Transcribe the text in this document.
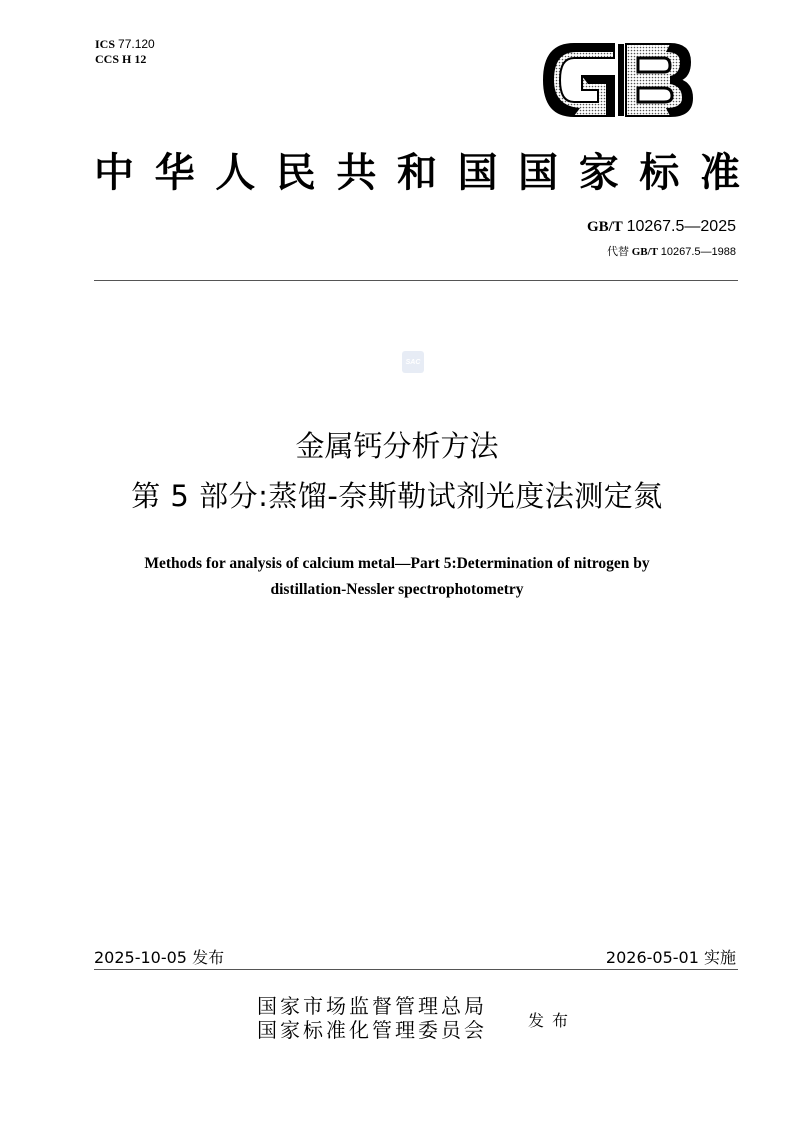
ICS 77.120
CCS H 12
中 华 人 民 共 和 国 国 家 标 准
GB/T 10267.5—2025
代替 GB/T 10267.5—1988
SAC
金属钙分析方法
第 5 部分:蒸馏-奈斯勒试剂光度法测定氮
Methods for analysis of calcium metal—Part 5:Determination of nitrogen by
distillation-Nessler spectrophotometry
2025-10-05 发布	2026-05-01 实施
国家市场监督管理总局
国家标准化管理委员会	发布
